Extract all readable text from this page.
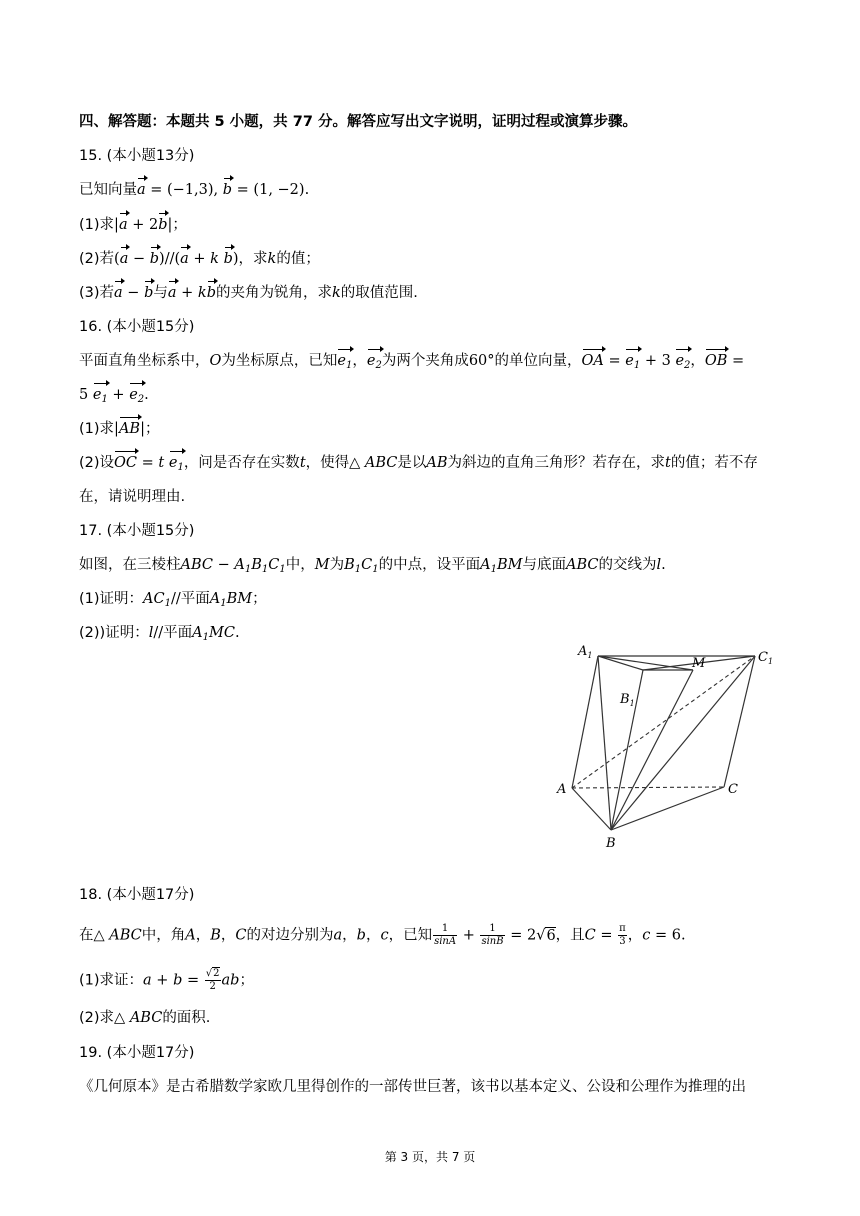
四、解答题：本题共 5 小题，共 77 分。解答应写出文字说明，证明过程或演算步骤。
15. (本小题13分)
已知向量a = (−1,3), b = (1, −2).
(1)求|a + 2b|；
(2)若(a − b)//(a + k b)，求k的值；
(3)若a − b与a + kb的夹角为锐角，求k的取值范围.
16. (本小题15分)
平面直角坐标系中，O为坐标原点，已知$e_1$，$e_2$为两个夹角成60°的单位向量，OA = $e_1 + 3$ $e_2$，OB =
5 $e_1 + e_2$.
(1)求|AB|；
(2)设OC = t $e_1$，问是否存在实数t，使得△ ABC是以AB为斜边的直角三角形？若存在，求t的值；若不存
在，请说明理由.
17. (本小题15分)
如图，在三棱柱ABC − $A_1B_1C_1$中，M为$B_1C_1$的中点，设平面$A_1BM$与底面ABC的交线为l.
(1)证明：$AC_1//$平面$A_1BM$；
(2))证明：l//平面$A_1MC$.
$A_1$
M	$C_1$
$B_1$
A	C
B
18. (本小题17分)
在△ ABC中，角A，B，C的对边分别为a，b，c，已知 $\frac{1}{\sin A} + \frac{1}{\sin B} = 2√6$，且$C = \frac{\pi}{3}$ ，c = 6.
(1)求证：$a + b = \frac{√2}{2}$ ab；
(2)求△ ABC的面积.
19. (本小题17分)
《几何原本》是古希腊数学家欧几里得创作的一部传世巨著，该书以基本定义、公设和公理作为推理的出
第 3 页，共 7 页
